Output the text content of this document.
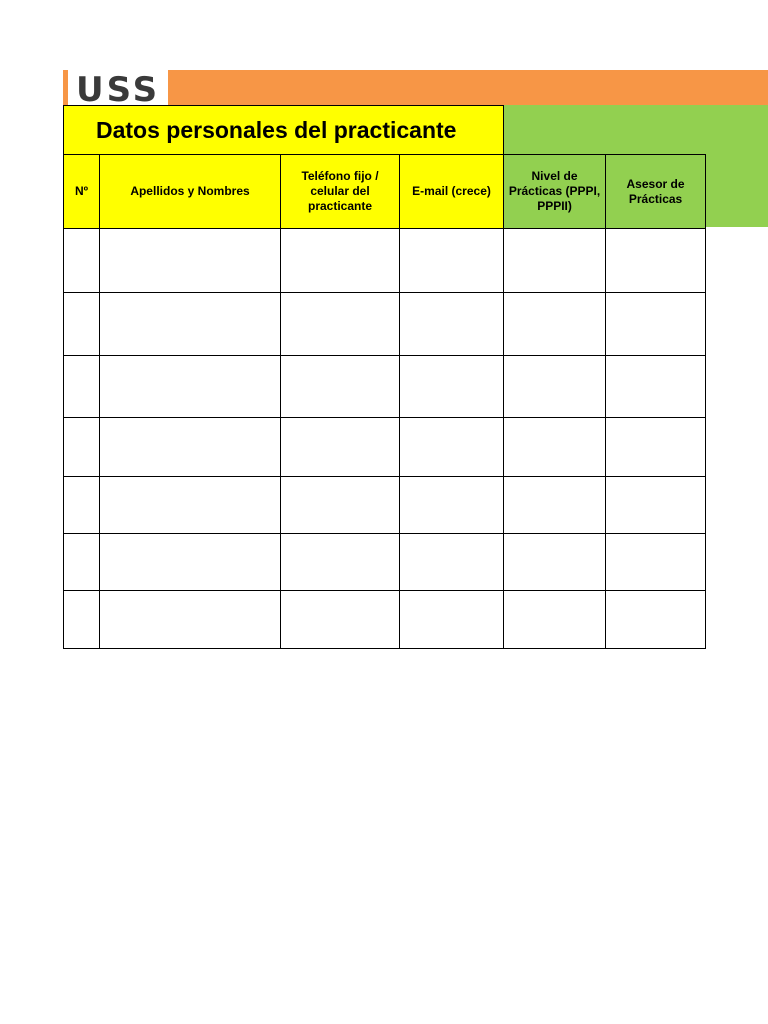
USS
Datos personales del practicante					
Nº	Apellidos y Nombres	Teléfono fijo / celular del practicante	E-mail (crece)	Nivel de Prácticas (PPPI, PPPII)	Asesor de Prácticas
